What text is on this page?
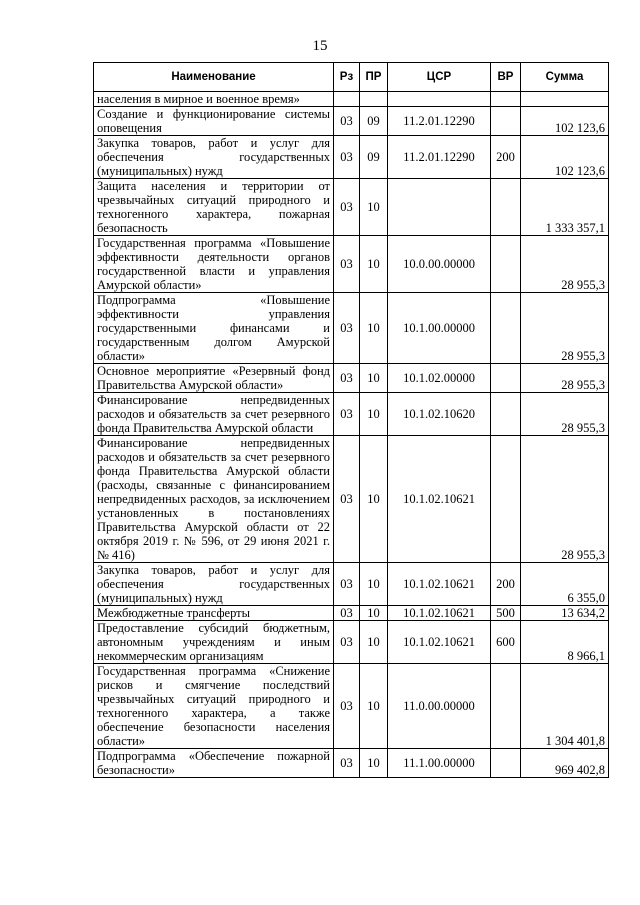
15
Наименование	Рз	ПР	ЦСР	ВР	Сумма
населения в мирное и военное время»					
Создание и функционирование системы оповещения	03	09	11.2.01.12290		102 123,6
Закупка товаров, работ и услуг для обеспечения государственных (муниципальных) нужд	03	09	11.2.01.12290	200	102 123,6
Защита населения и территории от чрезвычайных ситуаций природного и техногенного характера, пожарная безопасность	03	10			1 333 357,1
Государственная программа «Повышение эффективности деятельности органов государственной власти и управления Амурской области»	03	10	10.0.00.00000		28 955,3
Подпрограмма «Повышение эффективности управления государственными финансами и государственным долгом Амурской области»	03	10	10.1.00.00000		28 955,3
Основное мероприятие «Резервный фонд Правительства Амурской области»	03	10	10.1.02.00000		28 955,3
Финансирование непредвиденных расходов и обязательств за счет резервного фонда Правительства Амурской области	03	10	10.1.02.10620		28 955,3
Финансирование непредвиденных расходов и обязательств за счет резервного фонда Правительства Амурской области (расходы, связанные с финансированием непредвиденных расходов, за исключением установленных в постановлениях Правительства Амурской области от 22 октября 2019 г. № 596, от 29 июня 2021 г. № 416)	03	10	10.1.02.10621		28 955,3
Закупка товаров, работ и услуг для обеспечения государственных (муниципальных) нужд	03	10	10.1.02.10621	200	6 355,0
Межбюджетные трансферты	03	10	10.1.02.10621	500	13 634,2
Предоставление субсидий бюджетным, автономным учреждениям и иным некоммерческим организациям	03	10	10.1.02.10621	600	8 966,1
Государственная программа «Снижение рисков и смягчение последствий чрезвычайных ситуаций природного и техногенного характера, а также обеспечение безопасности населения области»	03	10	11.0.00.00000		1 304 401,8
Подпрограмма «Обеспечение пожарной безопасности»	03	10	11.1.00.00000		969 402,8
